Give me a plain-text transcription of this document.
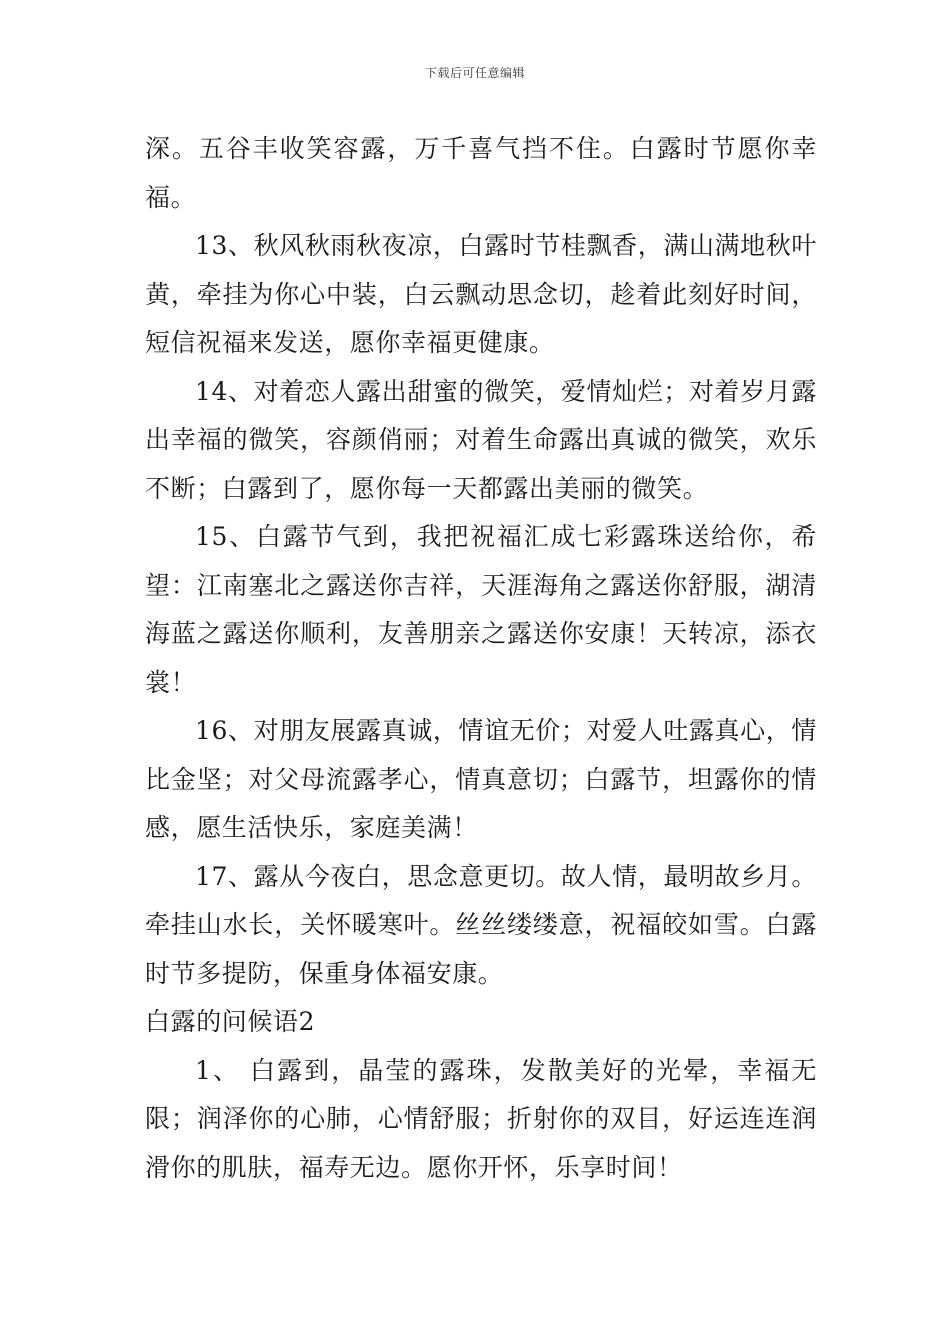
下载后可任意编辑

深。五谷丰收笑容露，万千喜气挡不住。白露时节愿你幸福。

13、秋风秋雨秋夜凉，白露时节桂飘香，满山满地秋叶黄，牵挂为你心中装，白云飘动思念切，趁着此刻好时间，短信祝福来发送，愿你幸福更健康。

14、对着恋人露出甜蜜的微笑，爱情灿烂；对着岁月露出幸福的微笑，容颜俏丽；对着生命露出真诚的微笑，欢乐不断；白露到了，愿你每一天都露出美丽的微笑。

15、白露节气到，我把祝福汇成七彩露珠送给你，希望：江南塞北之露送你吉祥，天涯海角之露送你舒服，湖清海蓝之露送你顺利，友善朋亲之露送你安康！天转凉，添衣裳！

16、对朋友展露真诚，情谊无价；对爱人吐露真心，情比金坚；对父母流露孝心，情真意切；白露节，坦露你的情感，愿生活快乐，家庭美满！

17、露从今夜白，思念意更切。故人情，最明故乡月。牵挂山水长，关怀暖寒叶。丝丝缕缕意，祝福皎如雪。白露时节多提防，保重身体福安康。

白露的问候语2

1、 白露到，晶莹的露珠，发散美好的光晕，幸福无限；润泽你的心肺，心情舒服；折射你的双目，好运连连润滑你的肌肤，福寿无边。愿你开怀，乐享时间！
